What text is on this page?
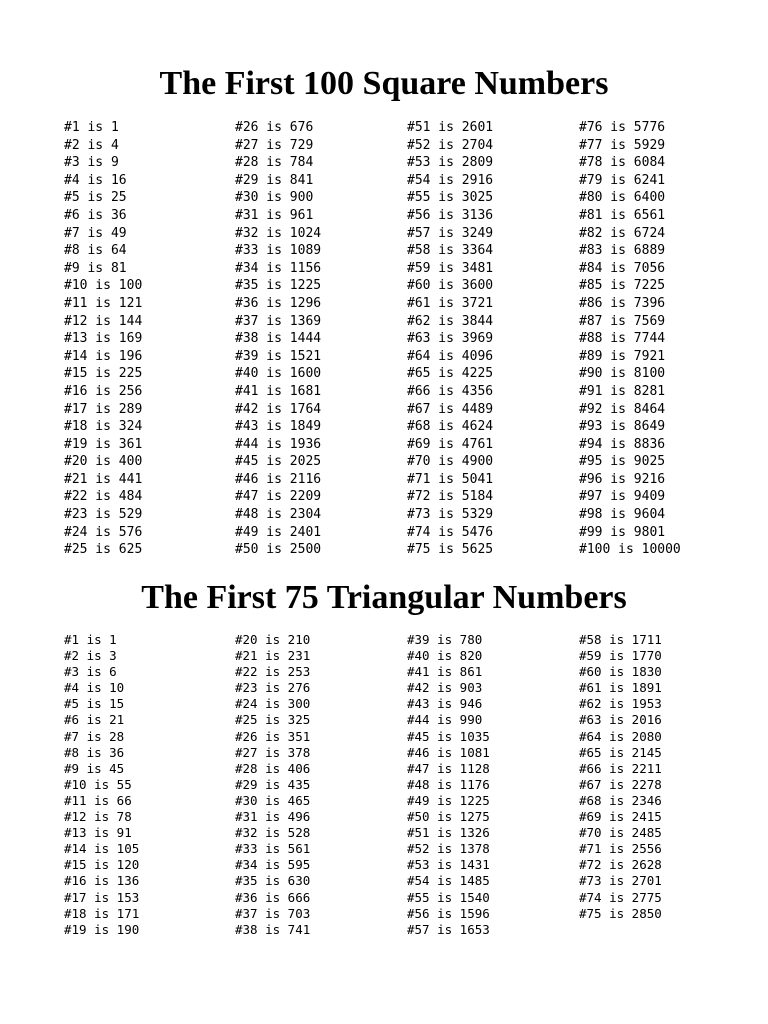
The First 100 Square Numbers
#1 is 1
#2 is 4
#3 is 9
#4 is 16
#5 is 25
#6 is 36
#7 is 49
#8 is 64
#9 is 81
#10 is 100
#11 is 121
#12 is 144
#13 is 169
#14 is 196
#15 is 225
#16 is 256
#17 is 289
#18 is 324
#19 is 361
#20 is 400
#21 is 441
#22 is 484
#23 is 529
#24 is 576
#25 is 625
#26 is 676
#27 is 729
#28 is 784
#29 is 841
#30 is 900
#31 is 961
#32 is 1024
#33 is 1089
#34 is 1156
#35 is 1225
#36 is 1296
#37 is 1369
#38 is 1444
#39 is 1521
#40 is 1600
#41 is 1681
#42 is 1764
#43 is 1849
#44 is 1936
#45 is 2025
#46 is 2116
#47 is 2209
#48 is 2304
#49 is 2401
#50 is 2500
#51 is 2601
#52 is 2704
#53 is 2809
#54 is 2916
#55 is 3025
#56 is 3136
#57 is 3249
#58 is 3364
#59 is 3481
#60 is 3600
#61 is 3721
#62 is 3844
#63 is 3969
#64 is 4096
#65 is 4225
#66 is 4356
#67 is 4489
#68 is 4624
#69 is 4761
#70 is 4900
#71 is 5041
#72 is 5184
#73 is 5329
#74 is 5476
#75 is 5625
#76 is 5776
#77 is 5929
#78 is 6084
#79 is 6241
#80 is 6400
#81 is 6561
#82 is 6724
#83 is 6889
#84 is 7056
#85 is 7225
#86 is 7396
#87 is 7569
#88 is 7744
#89 is 7921
#90 is 8100
#91 is 8281
#92 is 8464
#93 is 8649
#94 is 8836
#95 is 9025
#96 is 9216
#97 is 9409
#98 is 9604
#99 is 9801
#100 is 10000
The First 75 Triangular Numbers
#1 is 1
#2 is 3
#3 is 6
#4 is 10
#5 is 15
#6 is 21
#7 is 28
#8 is 36
#9 is 45
#10 is 55
#11 is 66
#12 is 78
#13 is 91
#14 is 105
#15 is 120
#16 is 136
#17 is 153
#18 is 171
#19 is 190
#20 is 210
#21 is 231
#22 is 253
#23 is 276
#24 is 300
#25 is 325
#26 is 351
#27 is 378
#28 is 406
#29 is 435
#30 is 465
#31 is 496
#32 is 528
#33 is 561
#34 is 595
#35 is 630
#36 is 666
#37 is 703
#38 is 741
#39 is 780
#40 is 820
#41 is 861
#42 is 903
#43 is 946
#44 is 990
#45 is 1035
#46 is 1081
#47 is 1128
#48 is 1176
#49 is 1225
#50 is 1275
#51 is 1326
#52 is 1378
#53 is 1431
#54 is 1485
#55 is 1540
#56 is 1596
#57 is 1653
#58 is 1711
#59 is 1770
#60 is 1830
#61 is 1891
#62 is 1953
#63 is 2016
#64 is 2080
#65 is 2145
#66 is 2211
#67 is 2278
#68 is 2346
#69 is 2415
#70 is 2485
#71 is 2556
#72 is 2628
#73 is 2701
#74 is 2775
#75 is 2850
